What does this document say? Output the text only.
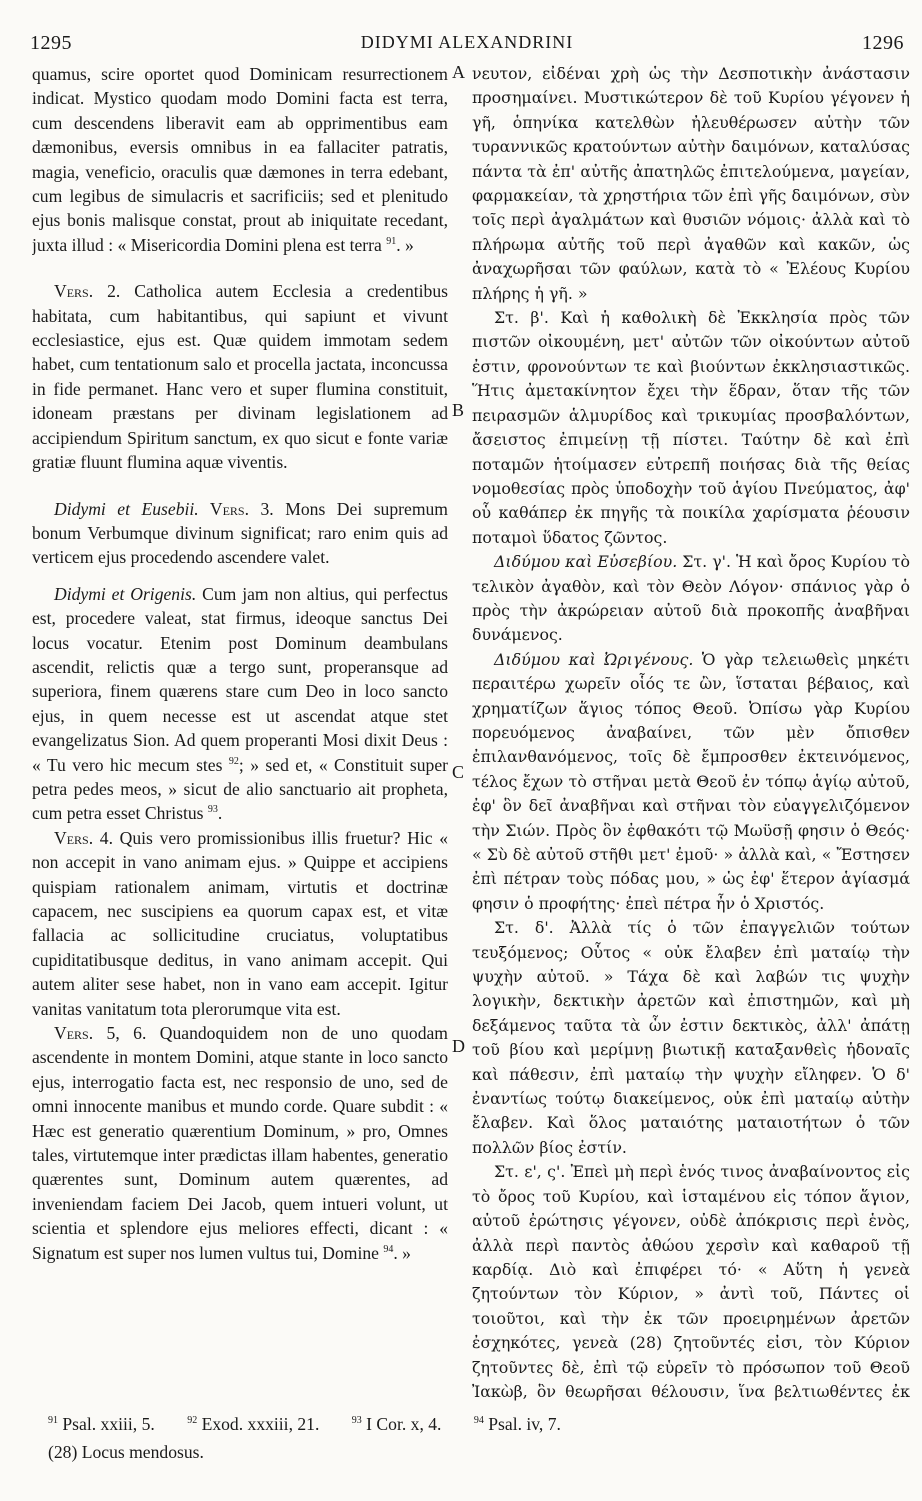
1295	DIDYMI ALEXANDRINI	1296
A
B
C
D

quamus, scire oportet quod Dominicam resurrectionem indicat. Mystico quodam modo Domini facta est terra, cum descendens liberavit eam ab opprimentibus eam dæmonibus, eversis omnibus in ea fallaciter patratis, magia, veneficio, oraculis quæ dæmones in terra edebant, cum legibus de simulacris et sacrificiis; sed et plenitudo ejus bonis malisque constat, prout ab iniquitate recedant, juxta illud : « Misericordia Domini plena est terra $^{91}$. »

Vers. 2. Catholica autem Ecclesia a credentibus habitata, cum habitantibus, qui sapiunt et vivunt ecclesiastice, ejus est. Quæ quidem immotam sedem habet, cum tentationum salo et procella jactata, inconcussa in fide permanet. Hanc vero et super flumina constituit, idoneam præstans per divinam legislationem ad accipiendum Spiritum sanctum, ex quo sicut e fonte variæ gratiæ fluunt flumina aquæ viventis.

Didymi et Eusebii. Vers. 3. Mons Dei supremum bonum Verbumque divinum significat; raro enim quis ad verticem ejus procedendo ascendere valet.

Didymi et Origenis. Cum jam non altius, qui perfectus est, procedere valeat, stat firmus, ideoque sanctus Dei locus vocatur. Etenim post Dominum deambulans ascendit, relictis quæ a tergo sunt, properansque ad superiora, finem quærens stare cum Deo in loco sancto ejus, in quem necesse est ut ascendat atque stet evangelizatus Sion. Ad quem properanti Mosi dixit Deus : « Tu vero hic mecum stes $^{92}$; » sed et, « Constituit super petra pedes meos, » sicut de alio sanctuario ait propheta, cum petra esset Christus $^{93}$.

Vers. 4. Quis vero promissionibus illis fruetur? Hic « non accepit in vano animam ejus. » Quippe et accipiens quispiam rationalem animam, virtutis et doctrinæ capacem, nec suscipiens ea quorum capax est, et vitæ fallacia ac sollicitudine cruciatus, voluptatibus cupiditatibusque deditus, in vano animam accepit. Qui autem aliter sese habet, non in vano eam accepit. Igitur vanitas vanitatum tota plerorumque vita est.

Vers. 5, 6. Quandoquidem non de uno quodam ascendente in montem Domini, atque stante in loco sancto ejus, interrogatio facta est, nec responsio de uno, sed de omni innocente manibus et mundo corde. Quare subdit : « Hæc est generatio quærentium Dominum, » pro, Omnes tales, virtutemque inter prædictas illam habentes, generatio quærentes sunt, Dominum autem quærentes, ad inveniendam faciem Dei Jacob, quem intueri volunt, ut scientia et splendore ejus meliores effecti, dicant : « Signatum est super nos lumen vultus tui, Domine $^{94}$. »

νευτον, εἰδέναι χρὴ ὡς τὴν Δεσποτικὴν ἀνάστασιν προσημαίνει. Μυστικώτερον δὲ τοῦ Κυρίου γέγονεν ἡ γῆ, ὁπηνίκα κατελθὼν ἠλευθέρωσεν αὐτὴν τῶν τυραννικῶς κρατούντων αὐτὴν δαιμόνων, καταλύσας πάντα τὰ ἐπ' αὐτῆς ἀπατηλῶς ἐπιτελούμενα, μαγείαν, φαρμακείαν, τὰ χρηστήρια τῶν ἐπὶ γῆς δαιμόνων, σὺν τοῖς περὶ ἀγαλμάτων καὶ θυσιῶν νόμοις· ἀλλὰ καὶ τὸ πλήρωμα αὐτῆς τοῦ περὶ ἀγαθῶν καὶ κακῶν, ὡς ἀναχωρῆσαι τῶν φαύλων, κατὰ τὸ « Ἐλέους Κυρίου πλήρης ἡ γῆ. »

Στ. β'. Καὶ ἡ καθολικὴ δὲ Ἐκκλησία πρὸς τῶν πιστῶν οἰκουμένη, μετ' αὐτῶν τῶν οἰκούντων αὐτοῦ ἐστιν, φρονούντων τε καὶ βιούντων ἐκκλησιαστικῶς. Ἥτις ἀμετακίνητον ἔχει τὴν ἕδραν, ὅταν τῆς τῶν πειρασμῶν ἁλμυρίδος καὶ τρικυμίας προσβαλόντων, ἄσειστος ἐπιμείνῃ τῇ πίστει. Ταύτην δὲ καὶ ἐπὶ ποταμῶν ἡτοίμασεν εὐτρεπῆ ποιήσας διὰ τῆς θείας νομοθεσίας πρὸς ὑποδοχὴν τοῦ ἁγίου Πνεύματος, ἀφ' οὗ καθάπερ ἐκ πηγῆς τὰ ποικίλα χαρίσματα ῥέουσιν ποταμοὶ ὕδατος ζῶντος.

Διδύμου καὶ Εὐσεβίου. Στ. γ'. Ἡ καὶ ὄρος Κυρίου τὸ τελικὸν ἀγαθὸν, καὶ τὸν Θεὸν Λόγον· σπάνιος γὰρ ὁ πρὸς τὴν ἀκρώρειαν αὐτοῦ διὰ προκοπῆς ἀναβῆναι δυνάμενος.

Διδύμου καὶ Ὠριγένους. Ὁ γὰρ τελειωθεὶς μηκέτι περαιτέρω χωρεῖν οἷός τε ὢν, ἵσταται βέβαιος, καὶ χρηματίζων ἅγιος τόπος Θεοῦ. Ὀπίσω γὰρ Κυρίου πορευόμενος ἀναβαίνει, τῶν μὲν ὄπισθεν ἐπιλανθανόμενος, τοῖς δὲ ἔμπροσθεν ἐκτεινόμενος, τέλος ἔχων τὸ στῆναι μετὰ Θεοῦ ἐν τόπῳ ἁγίῳ αὐτοῦ, ἐφ' ὃν δεῖ ἀναβῆναι καὶ στῆναι τὸν εὐαγγελιζόμενον τὴν Σιών. Πρὸς ὃν ἐφθακότι τῷ Μωϋσῇ φησιν ὁ Θεός· « Σὺ δὲ αὐτοῦ στῆθι μετ' ἐμοῦ· » ἀλλὰ καὶ, « Ἔστησεν ἐπὶ πέτραν τοὺς πόδας μου, » ὡς ἐφ' ἕτερον ἁγίασμά φησιν ὁ προφήτης· ἐπεὶ πέτρα ἦν ὁ Χριστός.

Στ. δ'. Ἀλλὰ τίς ὁ τῶν ἐπαγγελιῶν τούτων τευξόμενος; Οὗτος « οὐκ ἔλαβεν ἐπὶ ματαίῳ τὴν ψυχὴν αὐτοῦ. » Τάχα δὲ καὶ λαβών τις ψυχὴν λογικὴν, δεκτικὴν ἀρετῶν καὶ ἐπιστημῶν, καὶ μὴ δεξάμενος ταῦτα τὰ ὧν ἐστιν δεκτικὸς, ἀλλ' ἀπάτῃ τοῦ βίου καὶ μερίμνῃ βιωτικῇ καταξανθεὶς ἡδοναῖς καὶ πάθεσιν, ἐπὶ ματαίῳ τὴν ψυχὴν εἴληφεν. Ὁ δ' ἐναντίως τούτῳ διακείμενος, οὐκ ἐπὶ ματαίῳ αὐτὴν ἔλαβεν. Καὶ ὅλος ματαιότης ματαιοτήτων ὁ τῶν πολλῶν βίος ἐστίν.

Στ. ε', ς'. Ἐπεὶ μὴ περὶ ἑνός τινος ἀναβαίνοντος εἰς τὸ ὄρος τοῦ Κυρίου, καὶ ἱσταμένου εἰς τόπον ἅγιον, αὐτοῦ ἐρώτησις γέγονεν, οὐδὲ ἀπόκρισις περὶ ἑνὸς, ἀλλὰ περὶ παντὸς ἀθώου χερσὶν καὶ καθαροῦ τῇ καρδίᾳ. Διὸ καὶ ἐπιφέρει τό· « Αὕτη ἡ γενεὰ ζητούντων τὸν Κύριον, » ἀντὶ τοῦ, Πάντες οἱ τοιοῦτοι, καὶ τὴν ἐκ τῶν προειρημένων ἀρετῶν ἐσχηκότες, γενεὰ (28) ζητοῦντές εἰσι, τὸν Κύριον ζητοῦντες δὲ, ἐπὶ τῷ εὑρεῖν τὸ πρόσωπον τοῦ Θεοῦ Ἰακὼβ, ὃν θεωρῆσαι θέλουσιν, ἵνα βελτιωθέντες ἐκ

$^{91}$ Psal. xxiii, 5.	$^{92}$ Exod. xxxiii, 21.	$^{93}$ I Cor. x, 4.	$^{94}$ Psal. iv, 7.
(28) Locus mendosus.
